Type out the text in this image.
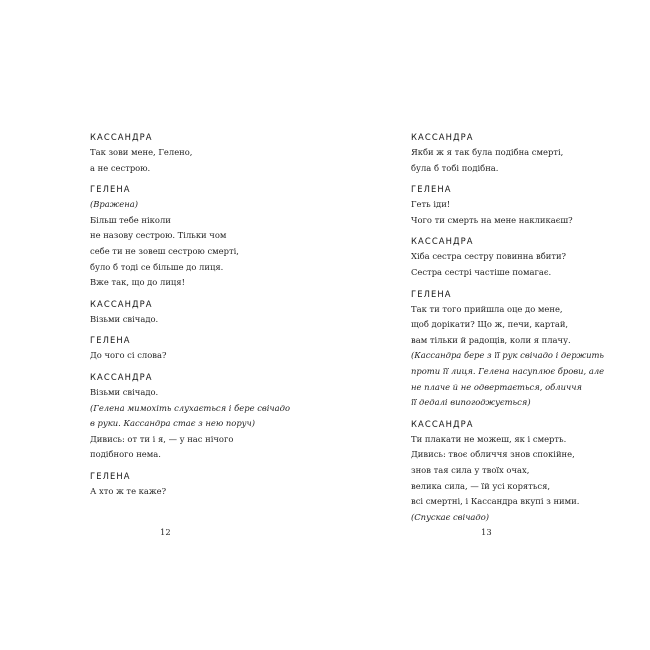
КАССАНДРА
Так зови мене, Гелено,
а не сестрою.
ГЕЛЕНА
(Вражена)
Більш тебе ніколи
не назову сестрою. Тільки чом
себе ти не зовеш сестрою смерті,
було б тоді се більше до лиця.
Вже так, що до лиця!
КАССАНДРА
Візьми свічадо.
ГЕЛЕНА
До чого сі слова?
КАССАНДРА
Візьми свічадо.
(Гелена мимохіть слухається і бере свічадо
в руки. Кассандра стає з нею поруч)
Дивись: от ти і я, — у нас нічого
подібного нема.
ГЕЛЕНА
А хто ж те каже?
12
КАССАНДРА
Якби ж я так була подібна смерті,
була б тобі подібна.
ГЕЛЕНА
Геть іди!
Чого ти смерть на мене накликаєш?
КАССАНДРА
Хіба сестра сестру повинна вбити?
Сестра сестрі частіше помагає.
ГЕЛЕНА
Так ти того прийшла оце до мене,
щоб дорікати? Що ж, печи, картай,
вам тільки й радощів, коли я плачу.
(Кассандра бере з її рук свічадо і держить
проти її лиця. Гелена насуплює брови, але
не плаче й не одвертається, обличчя
її дедалі випогоджується)
КАССАНДРА
Ти плакати не можеш, як і смерть.
Дивись: твоє обличчя знов спокійне,
знов тая сила у твоїх очах,
велика сила, — їй усі коряться,
всі смертні, і Кассандра вкупі з ними.
(Спускає свічадо)
13
